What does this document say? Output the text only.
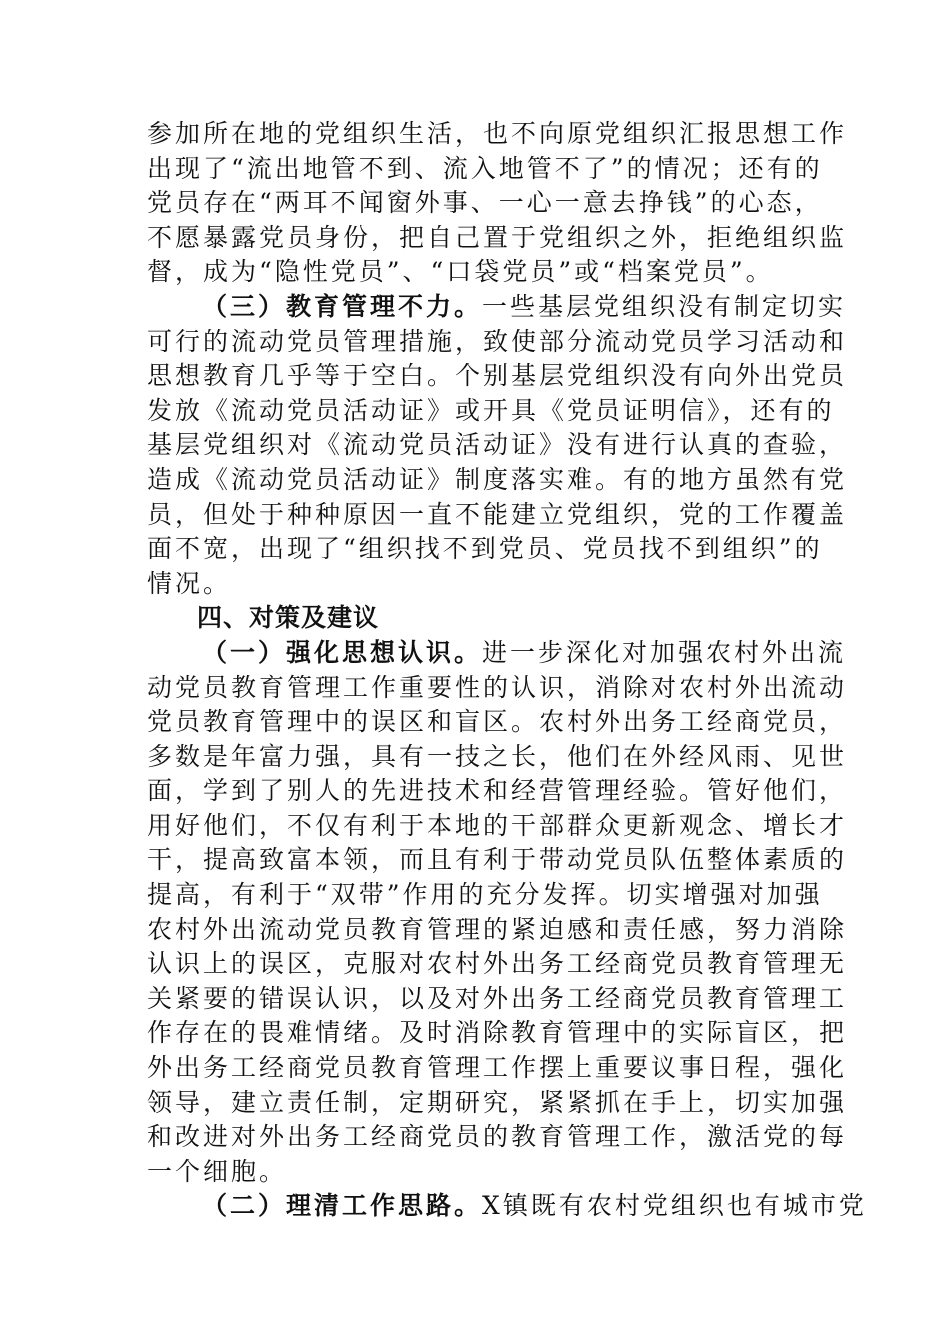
参加所在地的党组织生活，也不向原党组织汇报思想工作
出现了“流出地管不到、流入地管不了”的情况；还有的
党员存在“两耳不闻窗外事、一心一意去挣钱”的心态，
不愿暴露党员身份，把自己置于党组织之外，拒绝组织监
督，成为“隐性党员”、“口袋党员”或“档案党员”。
（三）教育管理不力。一些基层党组织没有制定切实
可行的流动党员管理措施，致使部分流动党员学习活动和
思想教育几乎等于空白。个别基层党组织没有向外出党员
发放《流动党员活动证》或开具《党员证明信》，还有的
基层党组织对《流动党员活动证》没有进行认真的查验，
造成《流动党员活动证》制度落实难。有的地方虽然有党
员，但处于种种原因一直不能建立党组织，党的工作覆盖
面不宽，出现了“组织找不到党员、党员找不到组织”的
情况。
四、对策及建议
（一）强化思想认识。进一步深化对加强农村外出流
动党员教育管理工作重要性的认识，消除对农村外出流动
党员教育管理中的误区和盲区。农村外出务工经商党员，
多数是年富力强，具有一技之长，他们在外经风雨、见世
面，学到了别人的先进技术和经营管理经验。管好他们，
用好他们，不仅有利于本地的干部群众更新观念、增长才
干，提高致富本领，而且有利于带动党员队伍整体素质的
提高，有利于“双带”作用的充分发挥。切实增强对加强
农村外出流动党员教育管理的紧迫感和责任感，努力消除
认识上的误区，克服对农村外出务工经商党员教育管理无
关紧要的错误认识，以及对外出务工经商党员教育管理工
作存在的畏难情绪。及时消除教育管理中的实际盲区，把
外出务工经商党员教育管理工作摆上重要议事日程，强化
领导，建立责任制，定期研究，紧紧抓在手上，切实加强
和改进对外出务工经商党员的教育管理工作，激活党的每
一个细胞。
（二）理清工作思路。X镇既有农村党组织也有城市党
